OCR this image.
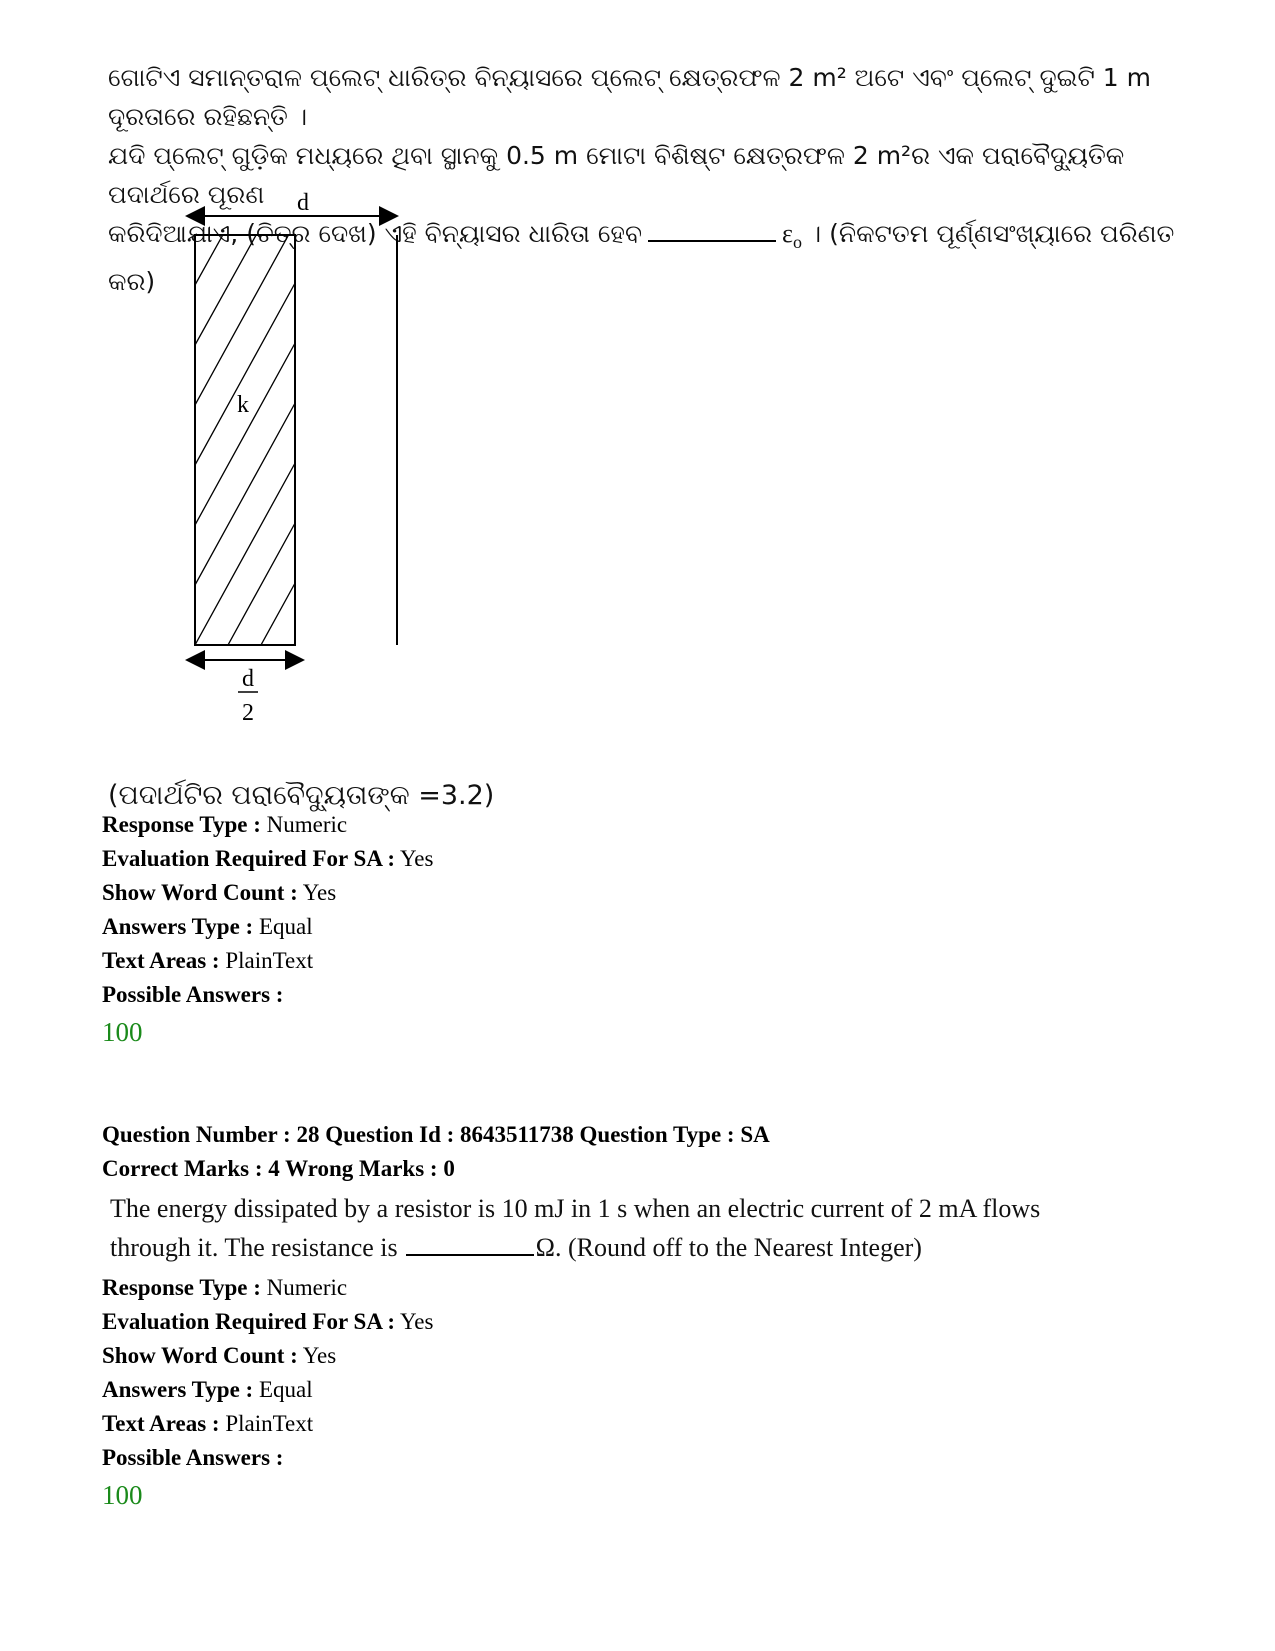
ଗୋଟିଏ ସମାନ୍ତରାଳ ପ୍ଲେଟ୍ ଧାରିତ୍ର ବିନ୍ୟାସରେ ପ୍ଲେଟ୍ କ୍ଷେତ୍ରଫଳ 2 m² ଅଟେ ଏବଂ ପ୍ଲେଟ୍ ଦୁଇଟି 1 m ଦୂରତାରେ ରହିଛନ୍ତି ।
ଯଦି ପ୍ଲେଟ୍ ଗୁଡ଼ିକ ମଧ୍ୟରେ ଥିବା ସ୍ଥାନକୁ 0.5 m ମୋଟା ବିଶିଷ୍ଟ କ୍ଷେତ୍ରଫଳ 2 m²ର ଏକ ପରାବୈଦ୍ୟୁତିକ ପଦାର୍ଥରେ ପୂରଣ
କରିଦିଆଯାଏ, (ଚିତ୍ର ଦେଖ) ଏହି ବିନ୍ୟାସର ଧାରିତା ହେବ	$\varepsilon_o$ । (ନିକଟତମ ପୂର୍ଣ୍ଣସଂଖ୍ୟାରେ ପରିଣତ କର)
d
k
d
2
(ପଦାର୍ଥଟିର ପରାବୈଦ୍ୟୁତାଙ୍କ =3.2)
Response Type : Numeric
Evaluation Required For SA : Yes
Show Word Count : Yes
Answers Type : Equal
Text Areas : PlainText
Possible Answers :
100
Question Number : 28 Question Id : 8643511738 Question Type : SA
Correct Marks : 4 Wrong Marks : 0
The energy dissipated by a resistor is 10 mJ in 1 s when an electric current of 2 mA flows
through it. The resistance is	Ω. (Round off to the Nearest Integer)
Response Type : Numeric
Evaluation Required For SA : Yes
Show Word Count : Yes
Answers Type : Equal
Text Areas : PlainText
Possible Answers :
100
